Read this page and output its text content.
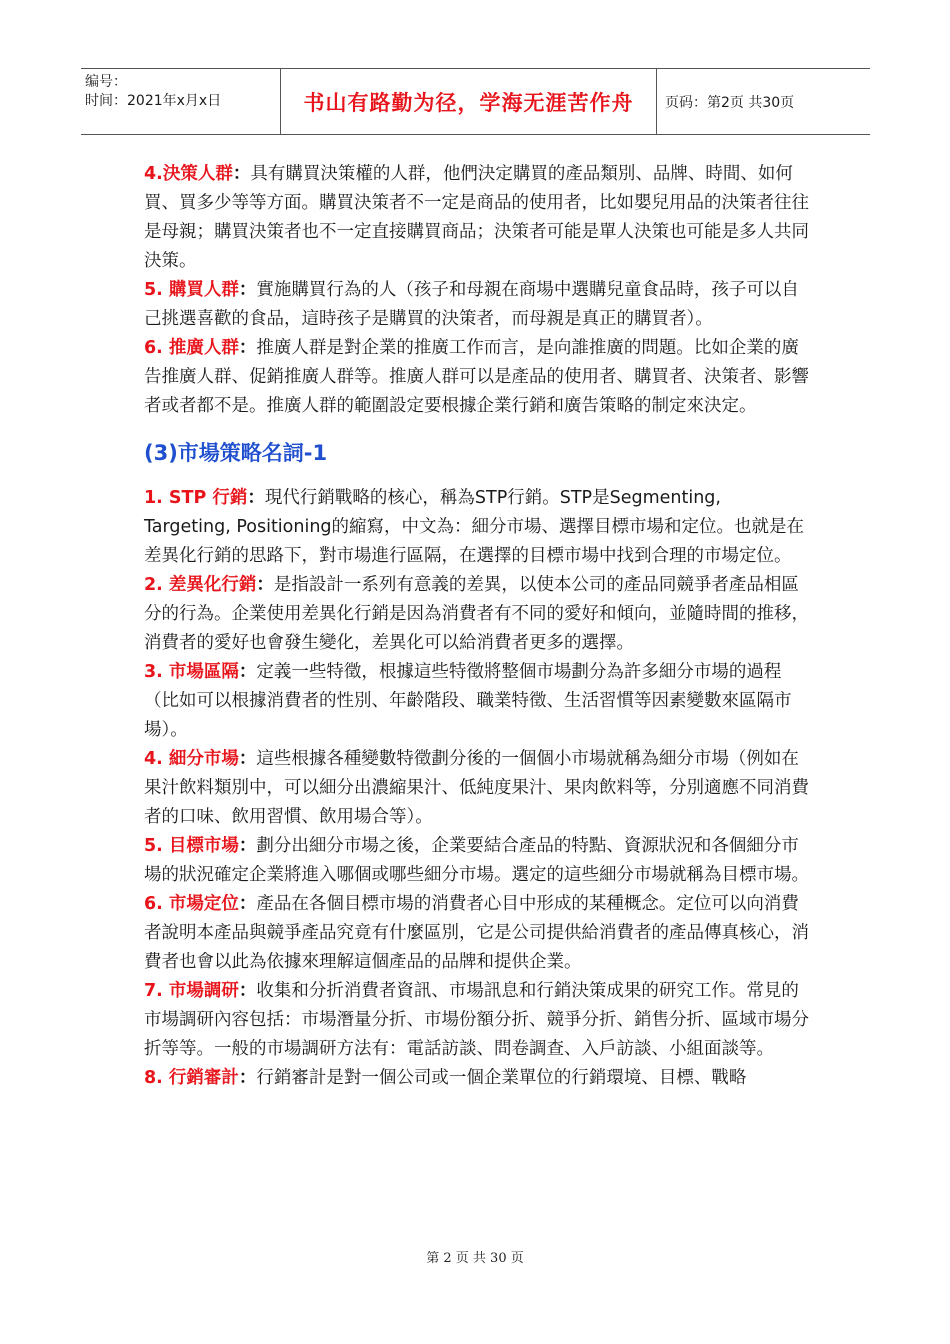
编号：
时间：2021年x月x日	书山有路勤为径，学海无涯苦作舟 页码：第2页 共30页

4.決策人群：具有購買決策權的人群，他們決定購買的產品類別、品牌、時間、如何買、買多少等等方面。購買決策者不一定是商品的使用者，比如嬰兒用品的決策者往往是母親；購買決策者也不一定直接購買商品；決策者可能是單人決策也可能是多人共同決策。

5. 購買人群：實施購買行為的人（孩子和母親在商場中選購兒童食品時，孩子可以自己挑選喜歡的食品，這時孩子是購買的決策者，而母親是真正的購買者）。

6. 推廣人群：推廣人群是對企業的推廣工作而言，是向誰推廣的問題。比如企業的廣告推廣人群、促銷推廣人群等。推廣人群可以是產品的使用者、購買者、決策者、影響者或者都不是。推廣人群的範圍設定要根據企業行銷和廣告策略的制定來決定。

(3)市場策略名詞-1

1. STP 行銷：現代行銷戰略的核心，稱為STP行銷。STP是Segmenting, Targeting, Positioning的縮寫，中文為：細分市場、選擇目標市場和定位。也就是在差異化行銷的思路下，對市場進行區隔，在選擇的目標市場中找到合理的市場定位。

2. 差異化行銷：是指設計一系列有意義的差異，以使本公司的產品同競爭者產品相區分的行為。企業使用差異化行銷是因為消費者有不同的愛好和傾向，並隨時間的推移，消費者的愛好也會發生變化，差異化可以給消費者更多的選擇。

3. 市場區隔：定義一些特徵，根據這些特徵將整個市場劃分為許多細分市場的過程（比如可以根據消費者的性別、年齡階段、職業特徵、生活習慣等因素變數來區隔市場）。

4. 細分市場：這些根據各種變數特徵劃分後的一個個小市場就稱為細分市場（例如在果汁飲料類別中，可以細分出濃縮果汁、低純度果汁、果肉飲料等，分別適應不同消費者的口味、飲用習慣、飲用場合等）。

5. 目標市場：劃分出細分市場之後，企業要結合產品的特點、資源狀況和各個細分市場的狀況確定企業將進入哪個或哪些細分市場。選定的這些細分市場就稱為目標市場。

6. 市場定位：產品在各個目標市場的消費者心目中形成的某種概念。定位可以向消費者說明本產品與競爭產品究竟有什麼區別，它是公司提供給消費者的產品傳真核心，消費者也會以此為依據來理解這個產品的品牌和提供企業。

7. 市場調研：收集和分折消費者資訊、市場訊息和行銷決策成果的研究工作。常見的市場調研內容包括：市場潛量分折、市場份額分折、競爭分折、銷售分折、區域市場分折等等。一般的市場調研方法有：電話訪談、問卷調查、入戶訪談、小組面談等。

8. 行銷審計：行銷審計是對一個公司或一個企業單位的行銷環境、目標、戰略

第 2 页 共 30 页
